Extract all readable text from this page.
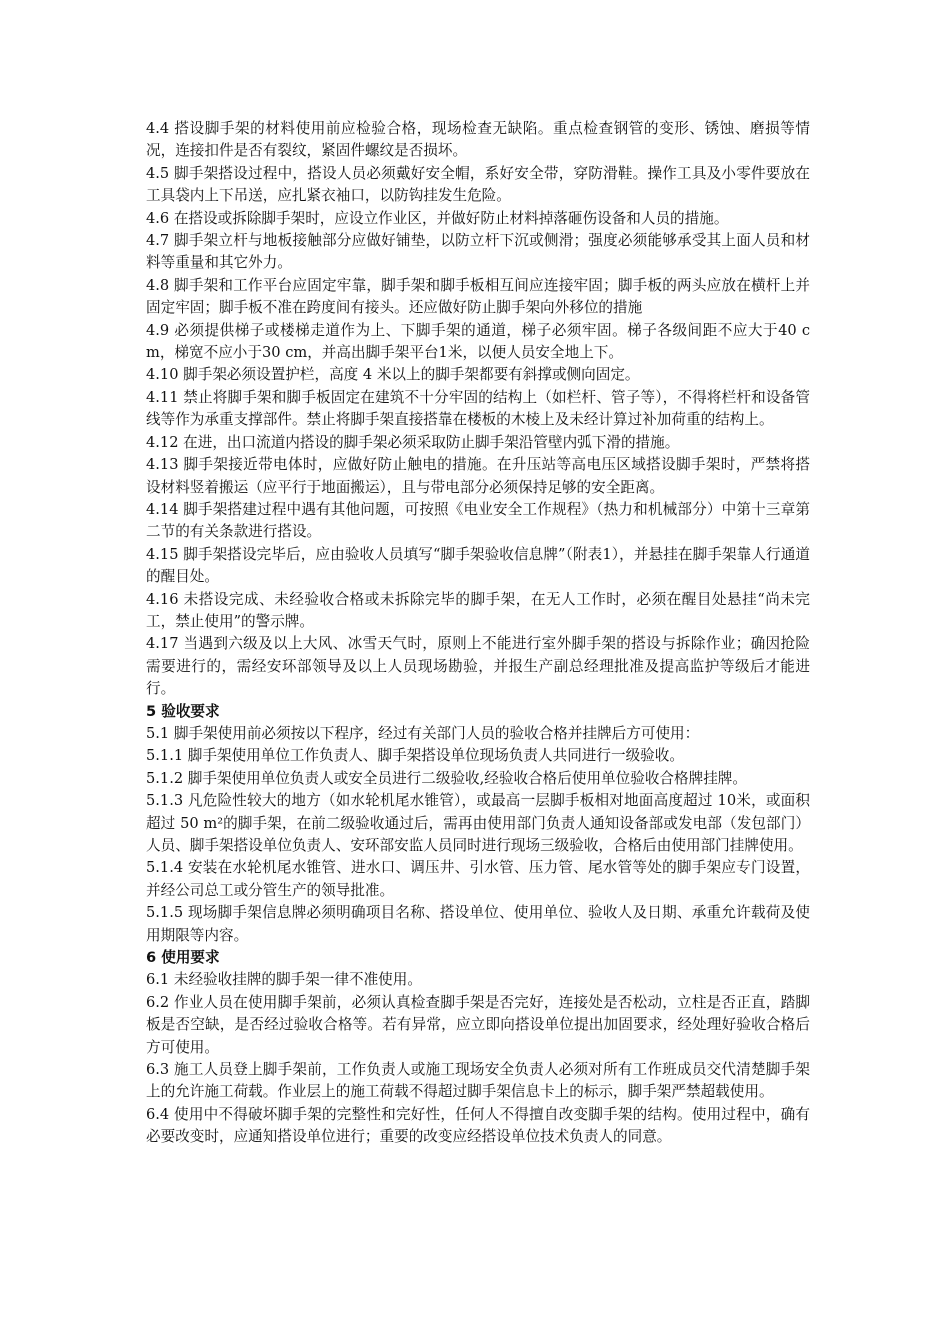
4.4 搭设脚手架的材料使用前应检验合格，现场检查无缺陷。重点检查钢管的变形、锈蚀、磨损等情况，连接扣件是否有裂纹，紧固件螺纹是否损坏。

4.5 脚手架搭设过程中，搭设人员必须戴好安全帽，系好安全带，穿防滑鞋。操作工具及小零件要放在工具袋内上下吊送，应扎紧衣袖口，以防钩挂发生危险。

4.6 在搭设或拆除脚手架时，应设立作业区，并做好防止材料掉落砸伤设备和人员的措施。

4.7 脚手架立杆与地板接触部分应做好铺垫，以防立杆下沉或侧滑；强度必须能够承受其上面人员和材料等重量和其它外力。

4.8 脚手架和工作平台应固定牢靠，脚手架和脚手板相互间应连接牢固；脚手板的两头应放在横杆上并固定牢固；脚手板不准在跨度间有接头。还应做好防止脚手架向外移位的措施

4.9 必须提供梯子或楼梯走道作为上、下脚手架的通道，梯子必须牢固。梯子各级间距不应大于40 cm，梯宽不应小于30 cm，并高出脚手架平台1米，以便人员安全地上下。

4.10 脚手架必须设置护栏，高度 4 米以上的脚手架都要有斜撑或侧向固定。

4.11 禁止将脚手架和脚手板固定在建筑不十分牢固的结构上（如栏杆、管子等），不得将栏杆和设备管线等作为承重支撑部件。禁止将脚手架直接搭靠在楼板的木棱上及未经计算过补加荷重的结构上。

4.12 在进，出口流道内搭设的脚手架必须采取防止脚手架沿管壁内弧下滑的措施。

4.13 脚手架接近带电体时，应做好防止触电的措施。在升压站等高电压区域搭设脚手架时，严禁将搭设材料竖着搬运（应平行于地面搬运），且与带电部分必须保持足够的安全距离。

4.14 脚手架搭建过程中遇有其他问题，可按照《电业安全工作规程》（热力和机械部分）中第十三章第二节的有关条款进行搭设。

4.15 脚手架搭设完毕后，应由验收人员填写“脚手架验收信息牌”（附表1），并悬挂在脚手架靠人行通道的醒目处。

4.16 未搭设完成、未经验收合格或未拆除完毕的脚手架，在无人工作时，必须在醒目处悬挂“尚未完工，禁止使用”的警示牌。

4.17 当遇到六级及以上大风、冰雪天气时，原则上不能进行室外脚手架的搭设与拆除作业；确因抢险需要进行的，需经安环部领导及以上人员现场勘验，并报生产副总经理批准及提高监护等级后才能进行。

5 验收要求

5.1 脚手架使用前必须按以下程序，经过有关部门人员的验收合格并挂牌后方可使用：

5.1.1 脚手架使用单位工作负责人、脚手架搭设单位现场负责人共同进行一级验收。

5.1.2 脚手架使用单位负责人或安全员进行二级验收,经验收合格后使用单位验收合格牌挂牌。

5.1.3 凡危险性较大的地方（如水轮机尾水锥管），或最高一层脚手板相对地面高度超过 10米，或面积超过 50 m²的脚手架，在前二级验收通过后，需再由使用部门负责人通知设备部或发电部（发包部门）人员、脚手架搭设单位负责人、安环部安监人员同时进行现场三级验收，合格后由使用部门挂牌使用。

5.1.4 安装在水轮机尾水锥管、进水口、调压井、引水管、压力管、尾水管等处的脚手架应专门设置，并经公司总工或分管生产的领导批准。

5.1.5 现场脚手架信息牌必须明确项目名称、搭设单位、使用单位、验收人及日期、承重允许载荷及使用期限等内容。

6 使用要求

6.1 未经验收挂牌的脚手架一律不准使用。

6.2 作业人员在使用脚手架前，必须认真检查脚手架是否完好，连接处是否松动，立柱是否正直，踏脚板是否空缺，是否经过验收合格等。若有异常，应立即向搭设单位提出加固要求，经处理好验收合格后方可使用。

6.3 施工人员登上脚手架前，工作负责人或施工现场安全负责人必须对所有工作班成员交代清楚脚手架上的允许施工荷载。作业层上的施工荷载不得超过脚手架信息卡上的标示，脚手架严禁超载使用。

6.4 使用中不得破坏脚手架的完整性和完好性，任何人不得擅自改变脚手架的结构。使用过程中，确有必要改变时，应通知搭设单位进行；重要的改变应经搭设单位技术负责人的同意。
